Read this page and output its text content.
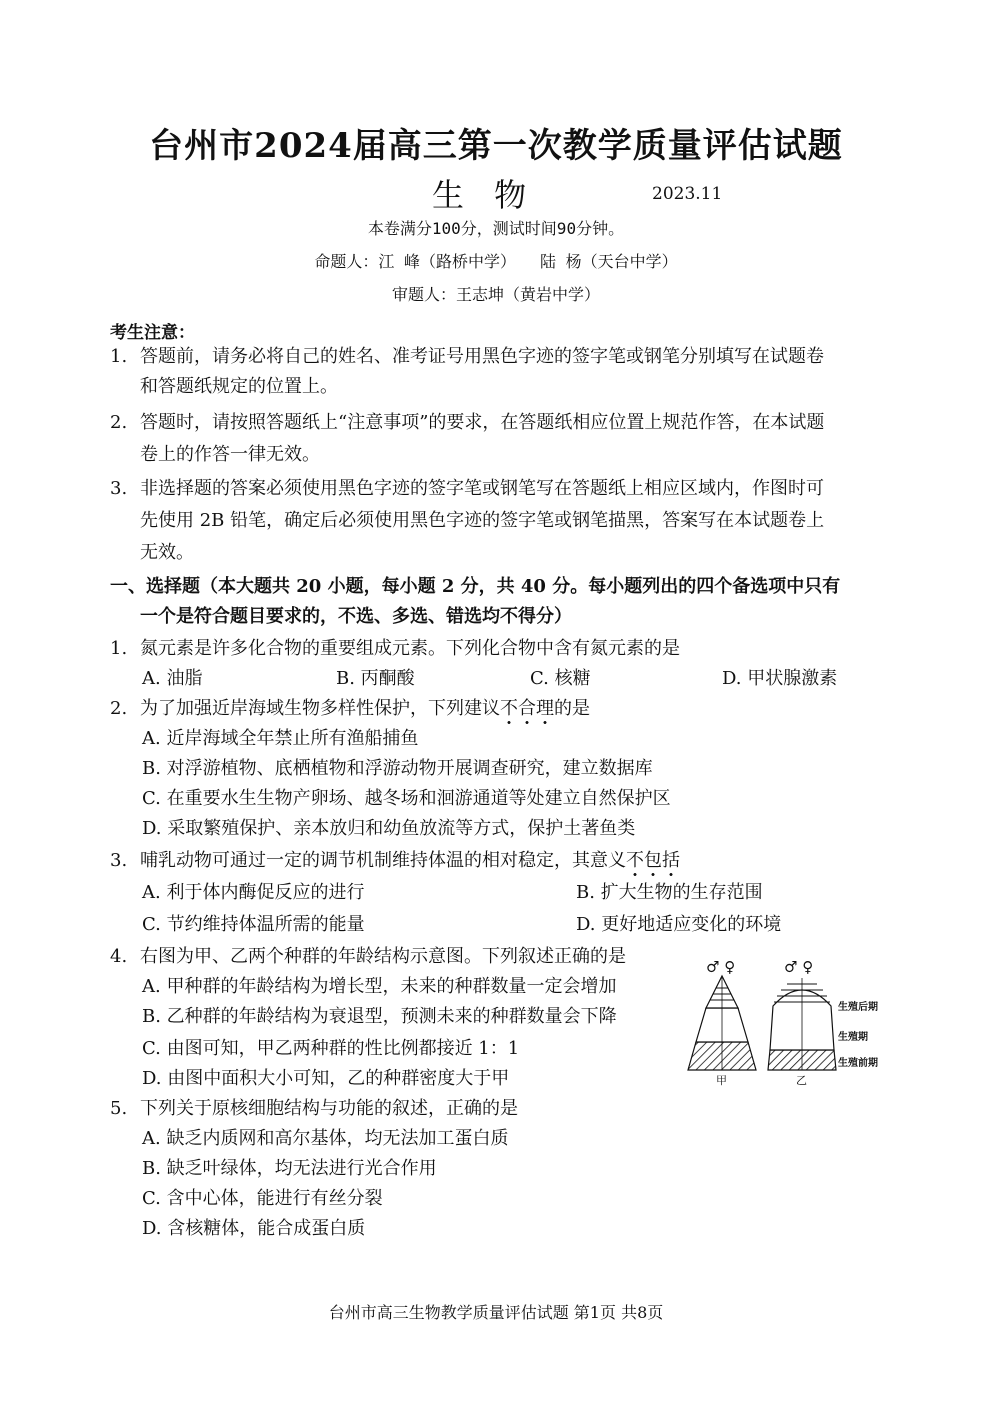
台州市2024届高三第一次教学质量评估试题
生 物	2023.11
本卷满分100分，测试时间90分钟。
命题人：江 峰（路桥中学）　　陆 杨（天台中学）
审题人：王志坤（黄岩中学）
考生注意：
1. 答题前，请务必将自己的姓名、准考证号用黑色字迹的签字笔或钢笔分别填写在试题卷
和答题纸规定的位置上。
2. 答题时，请按照答题纸上“注意事项”的要求，在答题纸相应位置上规范作答，在本试题
卷上的作答一律无效。
3. 非选择题的答案必须使用黑色字迹的签字笔或钢笔写在答题纸上相应区域内，作图时可
先使用 2B 铅笔，确定后必须使用黑色字迹的签字笔或钢笔描黑，答案写在本试题卷上
无效。
一、选择题（本大题共 20 小题，每小题 2 分，共 40 分。每小题列出的四个备选项中只有
一个是符合题目要求的，不选、多选、错选均不得分）
1. 氮元素是许多化合物的重要组成元素。下列化合物中含有氮元素的是
A. 油脂	B. 丙酮酸	C. 核糖	D. 甲状腺激素
2. 为了加强近岸海域生物多样性保护，下列建议不合理的是
A. 近岸海域全年禁止所有渔船捕鱼
B. 对浮游植物、底栖植物和浮游动物开展调查研究，建立数据库
C. 在重要水生生物产卵场、越冬场和洄游通道等处建立自然保护区
D. 采取繁殖保护、亲本放归和幼鱼放流等方式，保护土著鱼类
3. 哺乳动物可通过一定的调节机制维持体温的相对稳定，其意义不包括
A. 利于体内酶促反应的进行	B. 扩大生物的生存范围
C. 节约维持体温所需的能量	D. 更好地适应变化的环境
4. 右图为甲、乙两个种群的年龄结构示意图。下列叙述正确的是
A. 甲种群的年龄结构为增长型，未来的种群数量一定会增加
B. 乙种群的年龄结构为衰退型，预测未来的种群数量会下降
C. 由图可知，甲乙两种群的性比例都接近 1：1
D. 由图中面积大小可知，乙的种群密度大于甲
♂ ♀	♂ ♀
生殖后期
生殖期
生殖前期
甲	乙
5. 下列关于原核细胞结构与功能的叙述，正确的是
A. 缺乏内质网和高尔基体，均无法加工蛋白质
B. 缺乏叶绿体，均无法进行光合作用
C. 含中心体，能进行有丝分裂
D. 含核糖体，能合成蛋白质
台州市高三生物教学质量评估试题 第1页 共8页
